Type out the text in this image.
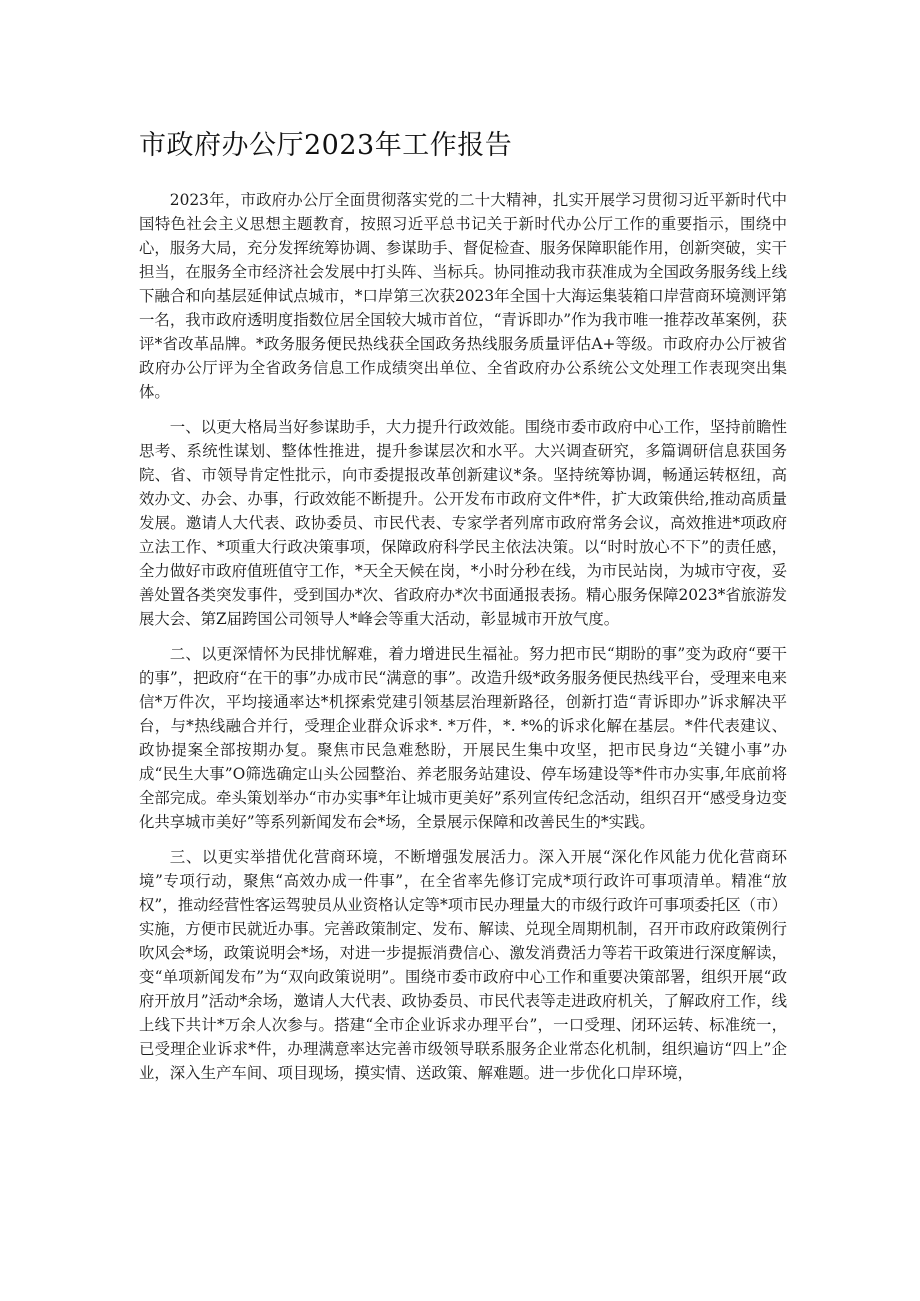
市政府办公厅2023年工作报告

2023年，市政府办公厅全面贯彻落实党的二十大精神，扎实开展学习贯彻习近平新时代中国特色社会主义思想主题教育，按照习近平总书记关于新时代办公厅工作的重要指示，围绕中心，服务大局，充分发挥统筹协调、参谋助手、督促检查、服务保障职能作用，创新突破，实干担当，在服务全市经济社会发展中打头阵、当标兵。协同推动我市获准成为全国政务服务线上线下融合和向基层延伸试点城市，*口岸第三次获2023年全国十大海运集装箱口岸营商环境测评第一名，我市政府透明度指数位居全国较大城市首位，“青诉即办”作为我市唯一推荐改革案例，获评*省改革品牌。*政务服务便民热线获全国政务热线服务质量评估A+等级。市政府办公厅被省政府办公厅评为全省政务信息工作成绩突出单位、全省政府办公系统公文处理工作表现突出集体。

一、以更大格局当好参谋助手，大力提升行政效能。围绕市委市政府中心工作，坚持前瞻性思考、系统性谋划、整体性推进，提升参谋层次和水平。大兴调查研究，多篇调研信息获国务院、省、市领导肯定性批示，向市委提报改革创新建议*条。坚持统筹协调，畅通运转枢纽，高效办文、办会、办事，行政效能不断提升。公开发布市政府文件*件，扩大政策供给,推动高质量发展。邀请人大代表、政协委员、市民代表、专家学者列席市政府常务会议，高效推进*项政府立法工作、*项重大行政决策事项，保障政府科学民主依法决策。以“时时放心不下”的责任感，全力做好市政府值班值守工作，*天全天候在岗，*小时分秒在线，为市民站岗，为城市守夜，妥善处置各类突发事件，受到国办*次、省政府办*次书面通报表扬。精心服务保障2023*省旅游发展大会、第Z届跨国公司领导人*峰会等重大活动，彰显城市开放气度。

二、以更深情怀为民排忧解难，着力增进民生福祉。努力把市民“期盼的事”变为政府“要干的事”，把政府“在干的事”办成市民“满意的事”。改造升级*政务服务便民热线平台，受理来电来信*万件次，平均接通率达*机探索党建引领基层治理新路径，创新打造“青诉即办”诉求解决平台，与*热线融合并行，受理企业群众诉求*. *万件，*. *%的诉求化解在基层。*件代表建议、政协提案全部按期办复。聚焦市民急难愁盼，开展民生集中攻坚，把市民身边“关键小事”办成“民生大事”O筛选确定山头公园整治、养老服务站建设、停车场建设等*件市办实事,年底前将全部完成。牵头策划举办“市办实事*年让城市更美好”系列宣传纪念活动，组织召开“感受身边变化共享城市美好”等系列新闻发布会*场，全景展示保障和改善民生的*实践。

三、以更实举措优化营商环境，不断增强发展活力。深入开展“深化作风能力优化营商环境”专项行动，聚焦“高效办成一件事”，在全省率先修订完成*项行政许可事项清单。精准“放权”，推动经营性客运驾驶员从业资格认定等*项市民办理量大的市级行政许可事项委托区（市）实施，方便市民就近办事。完善政策制定、发布、解读、兑现全周期机制，召开市政府政策例行吹风会*场，政策说明会*场，对进一步提振消费信心、激发消费活力等若干政策进行深度解读，变“单项新闻发布”为“双向政策说明”。围绕市委市政府中心工作和重要决策部署，组织开展“政府开放月”活动*余场，邀请人大代表、政协委员、市民代表等走进政府机关，了解政府工作，线上线下共计*万余人次参与。搭建“全市企业诉求办理平台”，一口受理、闭环运转、标准统一，已受理企业诉求*件，办理满意率达完善市级领导联系服务企业常态化机制，组织遍访“四上”企业，深入生产车间、项目现场，摸实情、送政策、解难题。进一步优化口岸环境，
